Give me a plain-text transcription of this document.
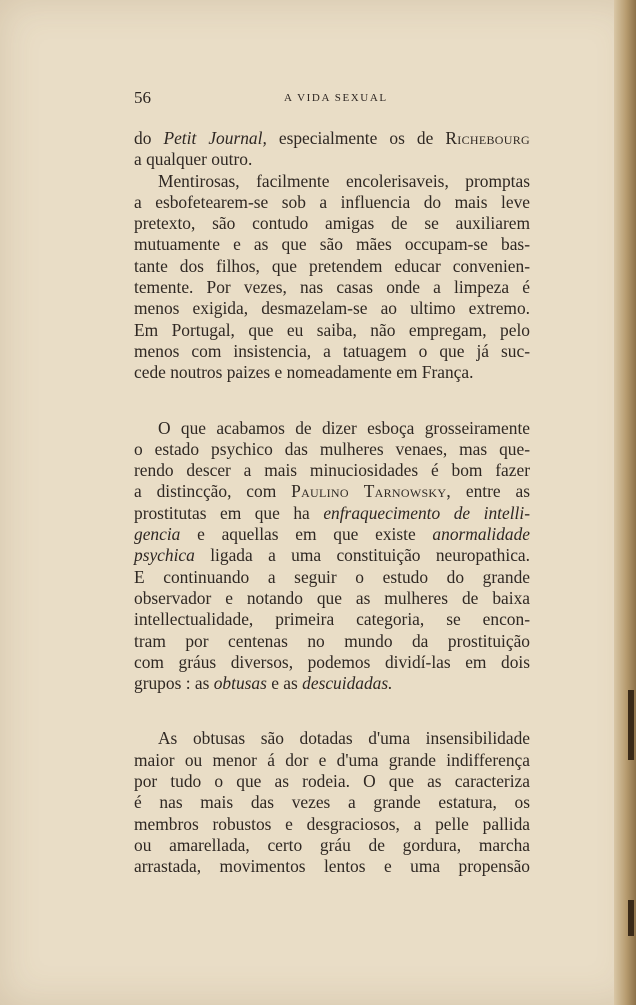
56	A VIDA SEXUAL

do Petit Journal, especialmente os de Richebourg

a qualquer outro.

Mentirosas, facilmente encolerisaveis, promptas

a esbofetearem-se sob a influencia do mais leve

pretexto, são contudo amigas de se auxiliarem

mutuamente e as que são mães occupam-se bas-

tante dos filhos, que pretendem educar convenien-

temente. Por vezes, nas casas onde a limpeza é

menos exigida, desmazelam-se ao ultimo extremo.

Em Portugal, que eu saiba, não empregam, pelo

menos com insistencia, a tatuagem o que já suc-

cede noutros paizes e nomeadamente em França.

O que acabamos de dizer esboça grosseiramente

o estado psychico das mulheres venaes, mas que-

rendo descer a mais minuciosidades é bom fazer

a distincção, com Paulino Tarnowsky, entre as

prostitutas em que ha enfraquecimento de intelli-

gencia e aquellas em que existe anormalidade

psychica ligada a uma constituição neuropathica.

E continuando a seguir o estudo do grande

observador e notando que as mulheres de baixa

intellectualidade, primeira categoria, se encon-

tram por centenas no mundo da prostituição

com gráus diversos, podemos dividí-las em dois

grupos : as obtusas e as descuidadas.

As obtusas são dotadas d'uma insensibilidade

maior ou menor á dor e d'uma grande indifferença

por tudo o que as rodeia. O que as caracteriza

é nas mais das vezes a grande estatura, os

membros robustos e desgraciosos, a pelle pallida

ou amarellada, certo gráu de gordura, marcha

arrastada, movimentos lentos e uma propensão
